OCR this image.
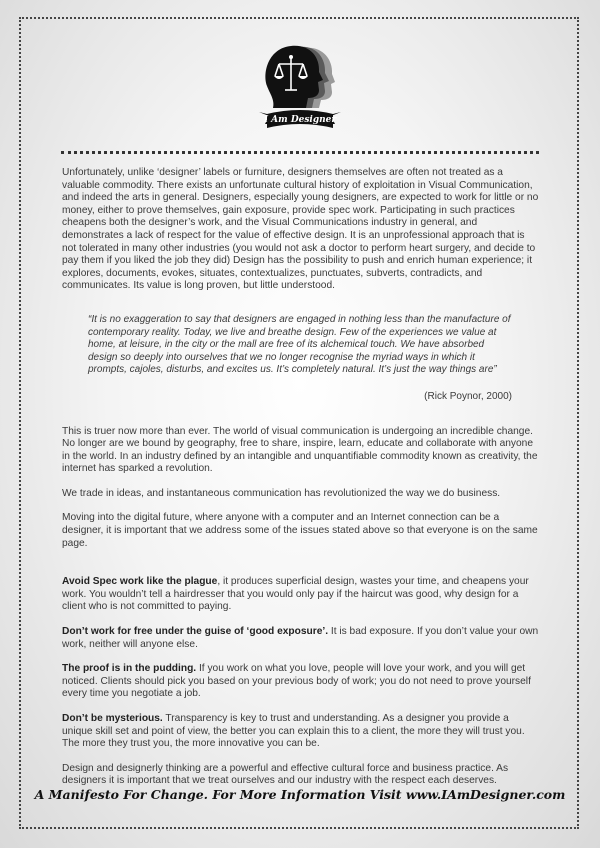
I Am Designer

Unfortunately, unlike ‘designer’ labels or furniture, designers themselves are often not treated as a valuable commodity. There exists an unfortunate cultural history of exploitation in Visual Communication, and indeed the arts in general. Designers, especially young designers, are expected to work for little or no money, either to prove themselves, gain exposure, provide spec work. Participating in such practices cheapens both the designer’s work, and the Visual Communications industry in general, and demonstrates a lack of respect for the value of effective design. It is an unprofessional approach that is not tolerated in many other industries (you would not ask a doctor to perform heart surgery, and decide to pay them if you liked the job they did) Design has the possibility to push and enrich human experience; it explores, documents, evokes, situates, contextualizes, punctuates, subverts, contradicts, and communicates. Its value is long proven, but little understood.

“It is no exaggeration to say that designers are engaged in nothing less than the manufacture of contemporary reality. Today, we live and breathe design. Few of the experiences we value at home, at leisure, in the city or the mall are free of its alchemical touch. We have absorbed design so deeply into ourselves that we no longer recognise the myriad ways in which it prompts, cajoles, disturbs, and excites us. It’s completely natural. It’s just the way things are”

(Rick Poynor, 2000)

This is truer now more than ever. The world of visual communication is undergoing an incredible change. No longer are we bound by geography, free to share, inspire, learn, educate and collaborate with anyone in the world. In an industry defined by an intangible and unquantifiable commodity known as creativity, the internet has sparked a revolution.

We trade in ideas, and instantaneous communication has revolutionized the way we do business.

Moving into the digital future, where anyone with a computer and an Internet connection can be a designer, it is important that we address some of the issues stated above so that everyone is on the same page.

Avoid Spec work like the plague, it produces superficial design, wastes your time, and cheapens your work. You wouldn’t tell a hairdresser that you would only pay if the haircut was good, why design for a client who is not committed to paying.

Don’t work for free under the guise of ‘good exposure’. It is bad exposure. If you don’t value your own work, neither will anyone else.

The proof is in the pudding. If you work on what you love, people will love your work, and you will get noticed. Clients should pick you based on your previous body of work; you do not need to prove yourself every time you negotiate a job.

Don’t be mysterious. Transparency is key to trust and understanding. As a designer you provide a unique skill set and point of view, the better you can explain this to a client, the more they will trust you. The more they trust you, the more innovative you can be.

Design and designerly thinking are a powerful and effective cultural force and business practice. As designers it is important that we treat ourselves and our industry with the respect each deserves.

A Manifesto For Change. For More Information Visit www.IAmDesigner.com
